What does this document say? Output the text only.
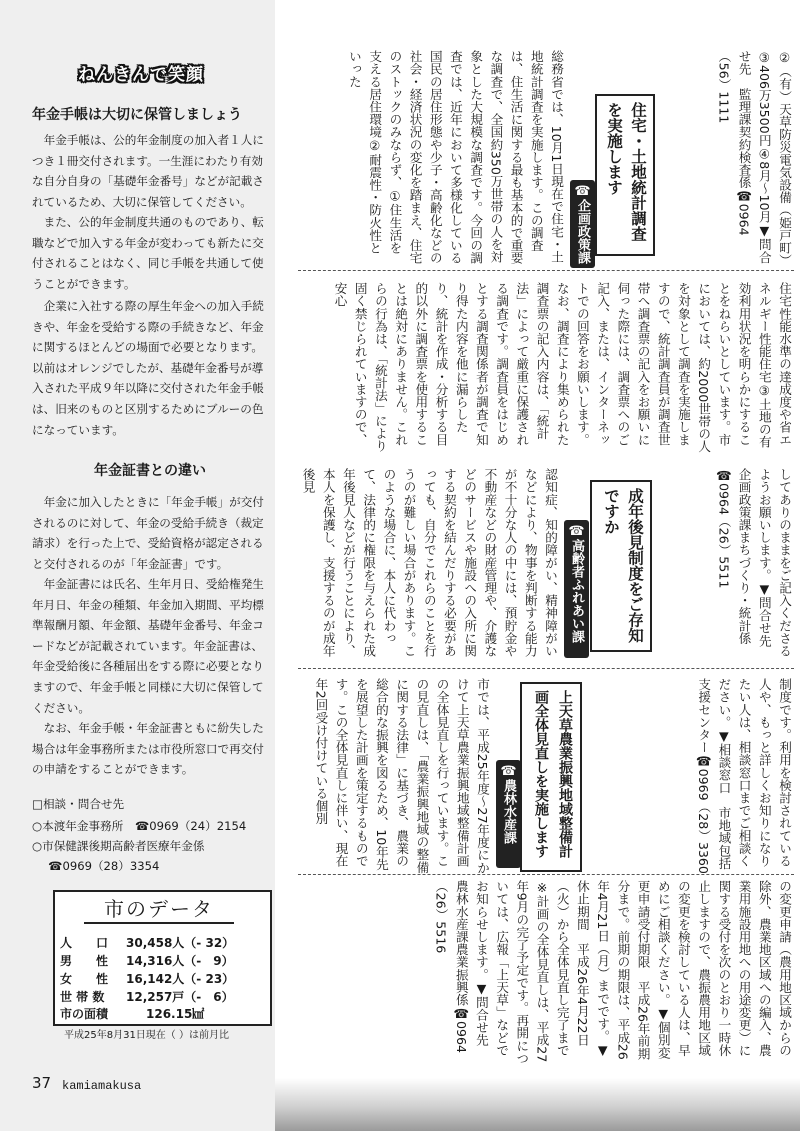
ねんきんで笑顔
年金手帳は大切に保管しましょう

年金手帳は、公的年金制度の加入者１人につき１冊交付されます。一生涯にわたり有効な自分自身の「基礎年金番号」などが記載されているため、大切に保管してください。

また、公的年金制度共通のものであり、転職などで加入する年金が変わっても新たに交付されることはなく、同じ手帳を共通して使うことができます。

企業に入社する際の厚生年金への加入手続きや、年金を受給する際の手続きなど、年金に関するほとんどの場面で必要となります。以前はオレンジでしたが、基礎年金番号が導入された平成９年以降に交付された年金手帳は、旧来のものと区別するためにブルーの色になっています。

年金証書との違い

年金に加入したときに「年金手帳」が交付されるのに対して、年金の受給手続き（裁定請求）を行った上で、受給資格が認定されると交付されるのが「年金証書」です。

年金証書には氏名、生年月日、受給権発生年月日、年金の種類、年金加入期間、平均標準報酬月額、年金額、基礎年金番号、年金コードなどが記載されています。年金証書は、年金受給後に各種届出をする際に必要となりますので、年金手帳と同様に大切に保管してください。

なお、年金手帳・年金証書ともに紛失した場合は年金事務所または市役所窓口で再交付の申請をすることができます。

□相談・問合せ先
○本渡年金事務所　☎0969（24）2154
○市保健課後期高齢者医療年金係
☎0969（28）3354
市のデータ
人　　口 30,458人（- 32）
男　　性 14,316人（-　9）
女　　性 16,142人（- 23）
世 帯 数 12,257戸（-　6）
市の面積	126.15㎢
平成25年8月31日現在（ ）は前月比
37 kamiamakusa

②（有）天草防災電気設備（姫戸町）③406万3500円④8月～10月▼問合せ先　監理課契約検査係☎0964（56）1111

住宅・土地統計調査を実施します
☎企画政策課

総務省では、10月1日現在で住宅・土地統計調査を実施します。この調査は、住生活に関する最も基本的で重要な調査で、全国約350万世帯の人を対象とした大規模な調査です。今回の調査では、近年において多様化している国民の居住形態や少子・高齢化などの社会・経済状況の変化を踏まえ、住宅のストックのみならず、①住生活を支える居住環境②耐震性・防火性といった

住宅性能水準の達成度や省エネルギー性能住宅③土地の有効利用状況を明らかにすることをねらいとしています。市においては、約2000世帯の人を対象として調査を実施しますので、統計調査員が調査世帯へ調査票の記入をお願いに伺った際には、調査票へのご記入、または、インターネットでの回答をお願いします。なお、調査により集められた調査票の記入内容は、「統計法」によって厳重に保護される調査です。調査員をはじめとする調査関係者が調査で知り得た内容を他に漏らしたり、統計を作成・分析する目的以外に調査票を使用することは絶対にありません。これらの行為は、「統計法」により固く禁じられていますので、安心

成年後見制度をご存知ですか
☎高齢者ふれあい課	してありのままをご記入くださるようお願いします。▼問合せ先　企画政策課まちづくり・統計係☎0964（26）5511

認知症、知的障がい、精神障がいなどにより、物事を判断する能力が不十分な人の中には、預貯金や不動産などの財産管理や、介護などのサービスや施設への入所に関する契約を結んだりする必要があっても、自分でこれらのことを行うのが難しい場合があります。このような場合に、本人に代わって、法律的に権限を与えられた成年後見人などが行うことにより、本人を保護し、支援するのが成年後見

制度です。利用を検討されている人や、もっと詳しくお知りになりたい人は、相談窓口までご相談ください。▼相談窓口　市地域包括支援センター☎0969（28）3360

上天草農業振興地域整備計画全体見直しを実施します
☎農林水産課

市では、平成25年度～27年度にかけて上天草農業振興地域整備計画の全体見直しを行っています。この見直しは、「農業振興地域の整備に関する法律」に基づき、農業の総合的な振興を図るため、10年先を展望した計画を策定するものです。この全体見直しに伴い、現在年2回受け付けている個別

の変更申請（農用地区域からの除外、農業地区域への編入、農業用施設用地への用途変更）に関する受付を次のとおり一時休止しますので、農振農用地区域の変更を検討している人は、早めにご相談ください。▼個別変更申請受付期限　平成26年前期分まで。前期の期限は、平成26年4月21日（月）までです。▼休止期間　平成26年4月22日（火）から全体見直し完了まで※計画の全体見直しは、平成27年9月の完了予定です。再開については、広報「上天草」などでお知らせします。▼問合せ先　農林水産課農業振興係☎0964（26）5516
